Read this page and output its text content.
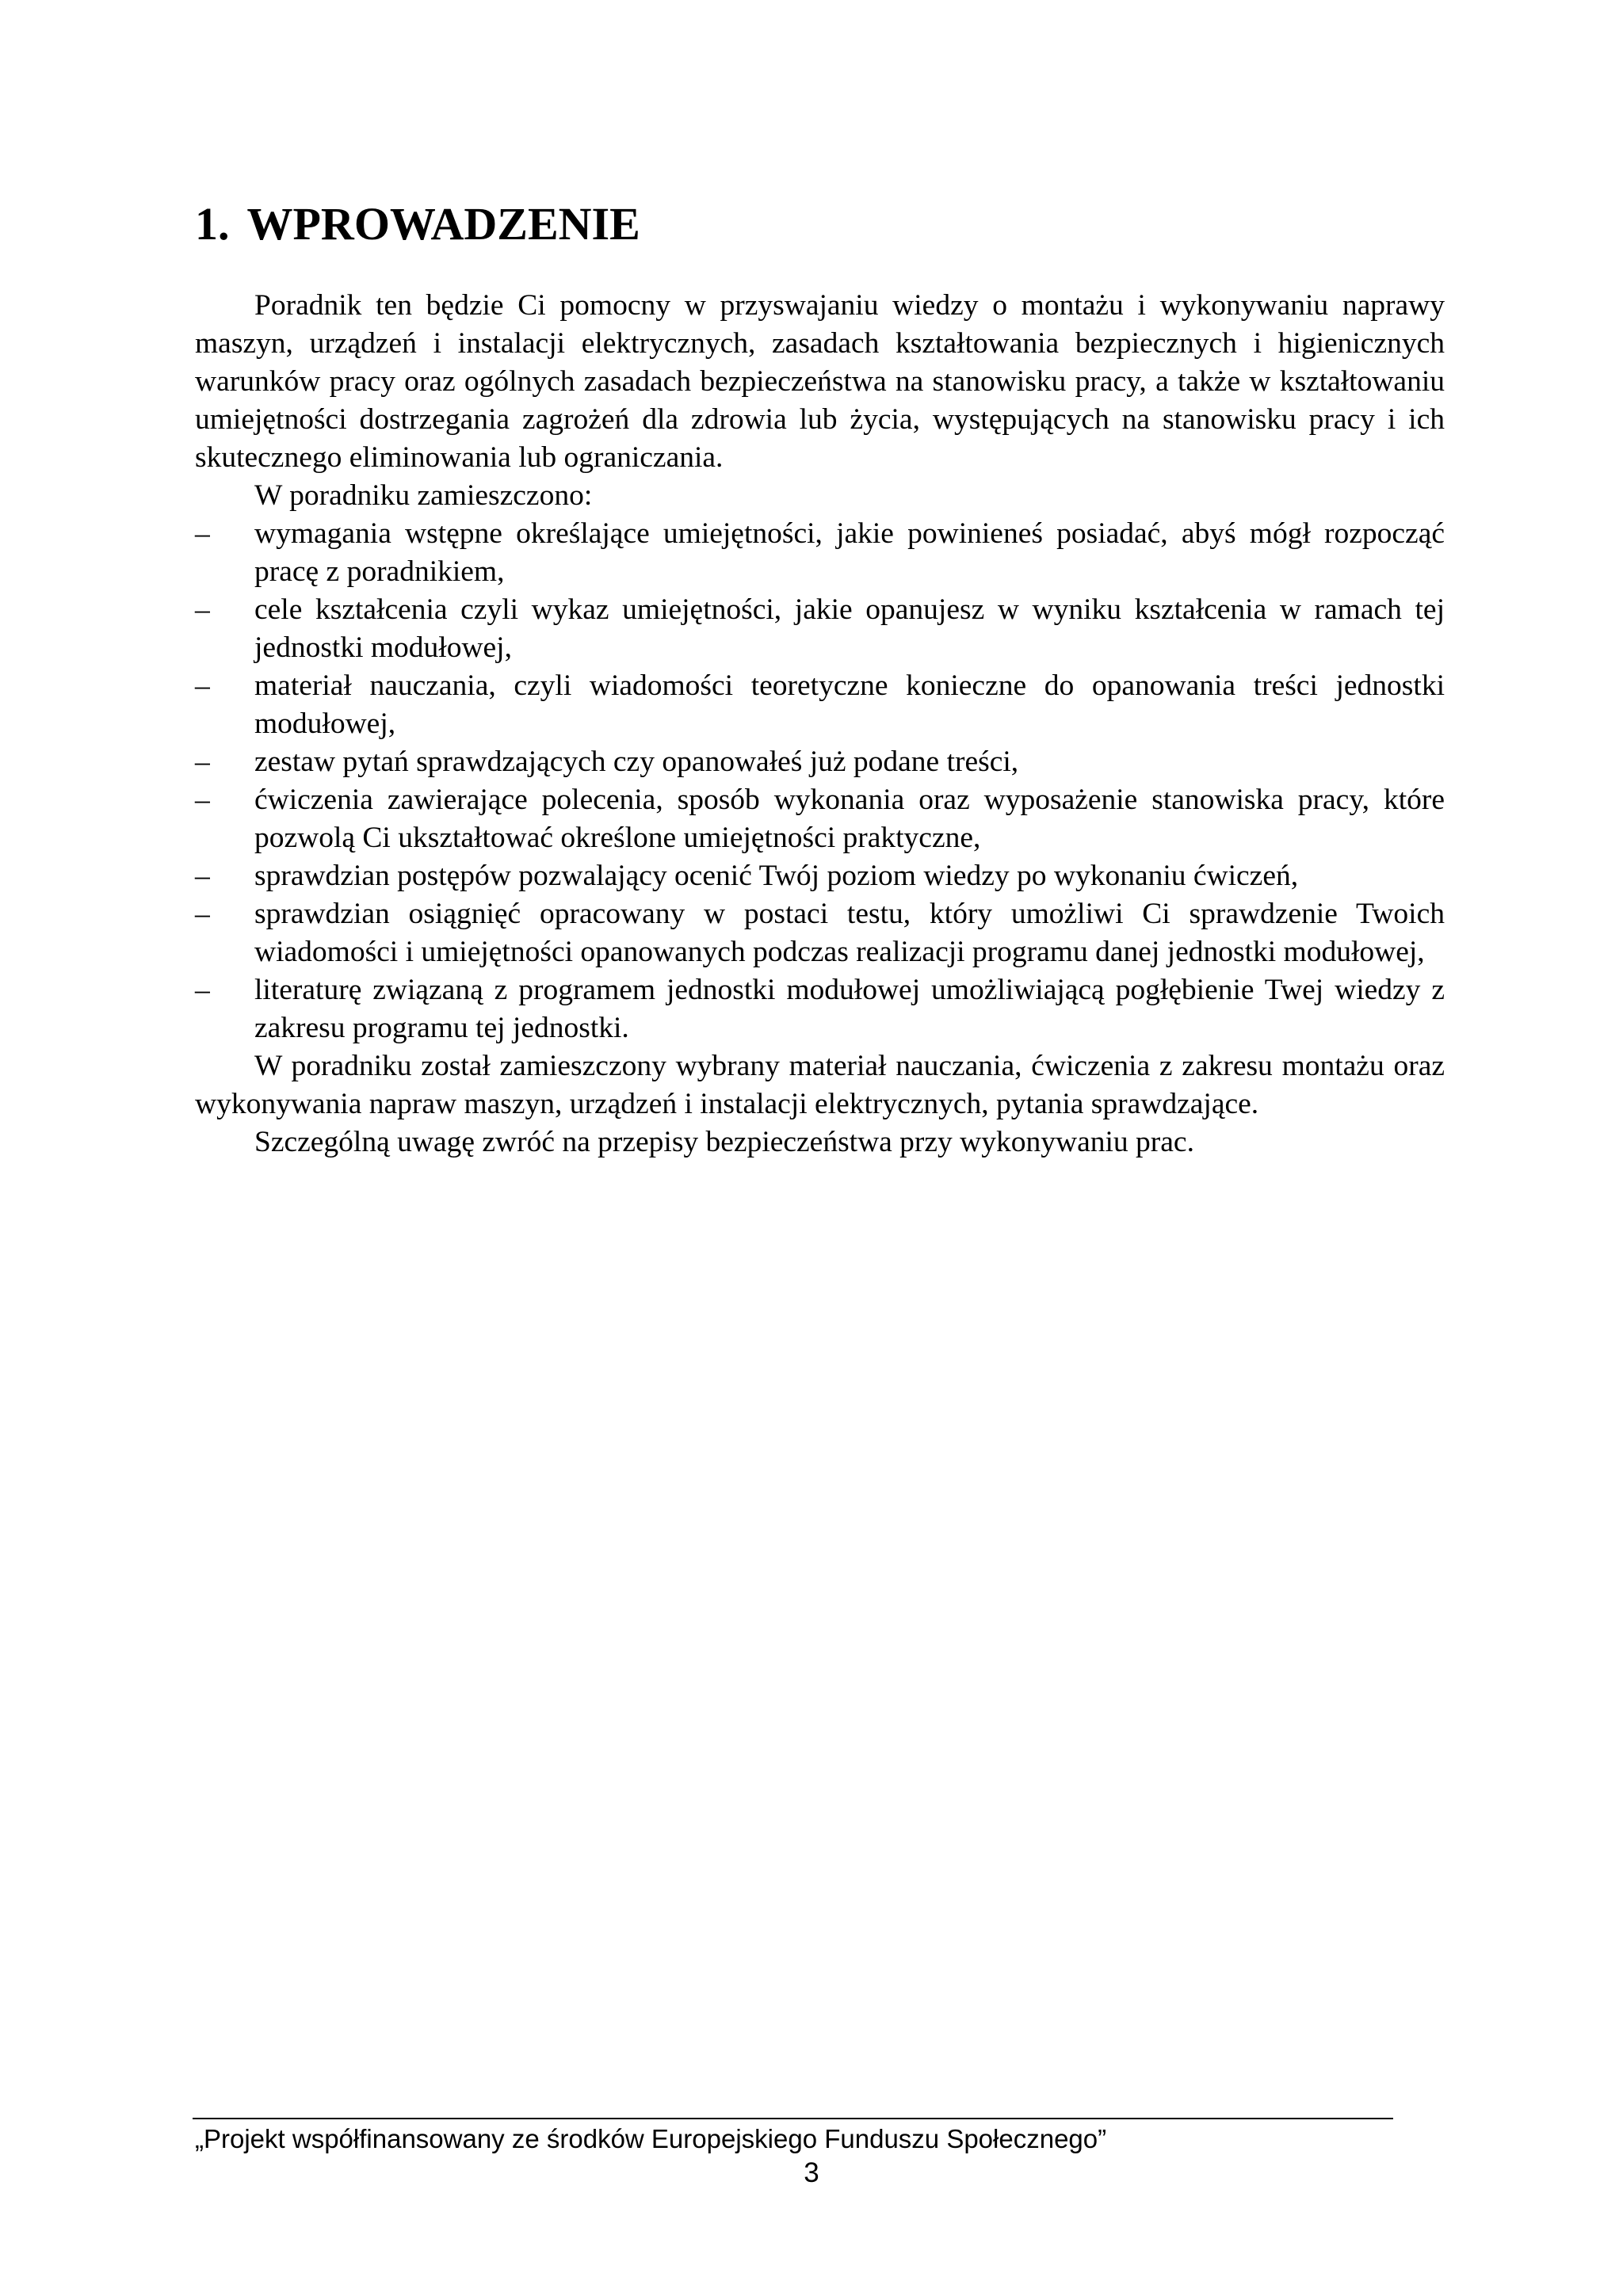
1. WPROWADZENIE

Poradnik ten będzie Ci pomocny w przyswajaniu wiedzy o montażu i wykonywaniu naprawy maszyn, urządzeń i instalacji elektrycznych, zasadach kształtowania bezpiecznych i higienicznych warunków pracy oraz ogólnych zasadach bezpieczeństwa na stanowisku pracy, a także w kształtowaniu umiejętności dostrzegania zagrożeń dla zdrowia lub życia, występujących na stanowisku pracy i ich skutecznego eliminowania lub ograniczania.

W poradniku zamieszczono:

– wymagania wstępne określające umiejętności, jakie powinieneś posiadać, abyś mógł rozpocząć pracę z poradnikiem,
– cele kształcenia czyli wykaz umiejętności, jakie opanujesz w wyniku kształcenia w ramach tej jednostki modułowej,
– materiał nauczania, czyli wiadomości teoretyczne konieczne do opanowania treści jednostki modułowej,
– zestaw pytań sprawdzających czy opanowałeś już podane treści,
– ćwiczenia zawierające polecenia, sposób wykonania oraz wyposażenie stanowiska pracy, które pozwolą Ci ukształtować określone umiejętności praktyczne,
– sprawdzian postępów pozwalający ocenić Twój poziom wiedzy po wykonaniu ćwiczeń,
– sprawdzian osiągnięć opracowany w postaci testu, który umożliwi Ci sprawdzenie Twoich wiadomości i umiejętności opanowanych podczas realizacji programu danej jednostki modułowej,
– literaturę związaną z programem jednostki modułowej umożliwiającą pogłębienie Twej wiedzy z zakresu programu tej jednostki.

W poradniku został zamieszczony wybrany materiał nauczania, ćwiczenia z zakresu montażu oraz wykonywania napraw maszyn, urządzeń i instalacji elektrycznych, pytania sprawdzające.

Szczególną uwagę zwróć na przepisy bezpieczeństwa przy wykonywaniu prac.

„Projekt współfinansowany ze środków Europejskiego Funduszu Społecznego”

3
